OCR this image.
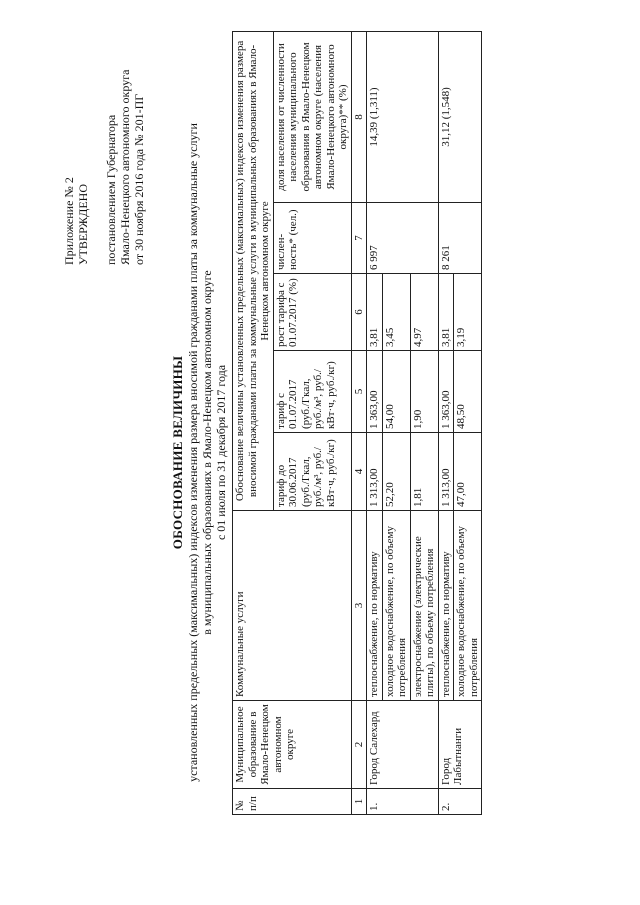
Приложение № 2 УТВЕРЖДЕНО постановлением Губернатора Ямало-Ненецкого автономного округа от 30 ноября 2016 года № 201-ПГ
ОБОСНОВАНИЕ ВЕЛИЧИНЫ установленных предельных (максимальных) индексов изменения размера вносимой гражданами платы за коммунальные услуги в муниципальных образованиях в Ямало-Ненецком автономном округе с 01 июля по 31 декабря 2017 года
№ п/п	Муниципальное образование в Ямало-Ненецком автономном округе	Коммунальные услуги	Обоснование величины установленных предельных (максимальных) индексов изменения размера вносимой гражданами платы за коммунальные услуги в муниципальных образованиях в Ямало-Ненецком автономном округе				
			тариф до 30.06.2017 (руб./Гкал, руб./м³, руб./кВт·ч, руб./кг)	тариф с 01.07.2017 (руб./Гкал, руб./м³, руб./кВт·ч, руб./кг)	рост тарифа с 01.07.2017 (%)	числен-ность* (чел.)	доля населения от численности населения муниципального образования в Ямало-Ненецком автономном округе (населения Ямало-Ненецкого автономного округа)** (%)
1	2	3	4	5	6	7	8
1.	Город Салехард	теплоснабжение, по нормативу	1 313,00	1 363,00	3,81	6 997	14,39 (1,311)
		холодное водоснабжение, по объему потребления	52,20	54,00	3,45		
		электроснабжение (электрические плиты), по объему потребления	1,81	1,90	4,97		
2.	Город Лабытнанги	теплоснабжение, по нормативу	1 313,00	1 363,00	3,81	8 261	31,12 (1,548)
		холодное водоснабжение, по объему потребления	47,00	48,50	3,19		
